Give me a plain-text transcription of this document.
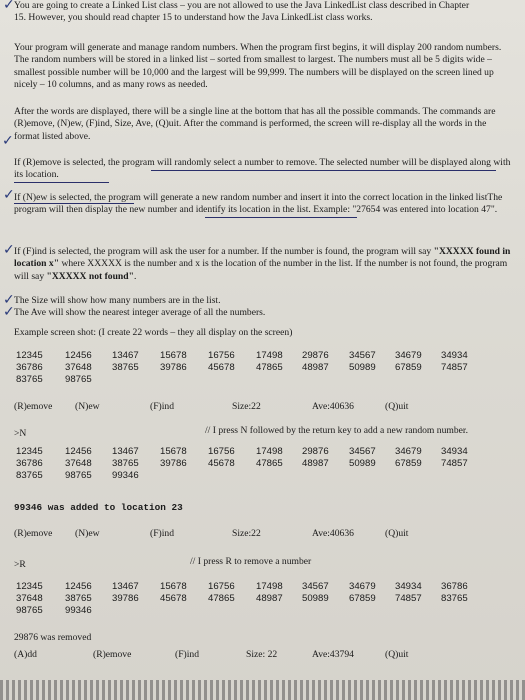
✓ You are going to create a Linked List class – you are not allowed to use the Java LinkedList class described in Chapter
15. However, you should read chapter 15 to understand how the Java LinkedList class works.
Your program will generate and manage random numbers. When the program first begins, it will display 200 random numbers. The random numbers will be stored in a linked list – sorted from smallest to largest. The numbers must all be 5 digits wide – smallest possible number will be 10,000 and the largest will be 99,999. The numbers will be displayed on the screen lined up nicely – 10 columns, and as many rows as needed.
✓
After the words are displayed, there will be a single line at the bottom that has all the possible commands. The commands are (R)emove, (N)ew, (F)ind, Size, Ave, (Q)uit. After the command is performed, the screen will re-display all the words in the format listed above.
If (R)emove is selected, the program will randomly select a number to remove. The selected number will be displayed along with its location.
✓ If (N)ew is selected, the program will generate a new random number and insert it into the correct location in the linked listThe program will then display the new number and identify its location in the list. Example: "27654 was entered into location 47".
✓ If (F)ind is selected, the program will ask the user for a number. If the number is found, the program will say "XXXXX found in location x" where XXXXX is the number and x is the location of the number in the list. If the number is not found, the program will say "XXXXX not found".
✓ The Size will show how many numbers are in the list.
✓ The Ave will show the nearest integer average of all the numbers.
Example screen shot: (I create 22 words – they all display on the screen)
12345 12456 13467 15678 16756 17498 29876 34567 34679 34934
36786 37648 38765 39786 45678 47865 48987 50989 67859 74857
83765 98765
(R)emove (N)ew	(F)ind	Size:22	Ave:40636	(Q)uit
>N	// I press N followed by the return key to add a new random number.
12345 12456 13467 15678 16756 17498 29876 34567 34679 34934
36786 37648 38765 39786 45678 47865 48987 50989 67859 74857
83765 98765 99346
99346 was added to location 23
(R)emove (N)ew	(F)ind	Size:22	Ave:40636	(Q)uit
>R	// I press R to remove a number
12345 12456 13467 15678 16756 17498 34567 34679 34934 36786
37648 38765 39786 45678 47865 48987 50989 67859 74857 83765
98765 99346
29876 was removed
(A)dd	(R)emove	(F)ind	Size: 22	Ave:43794	(Q)uit
